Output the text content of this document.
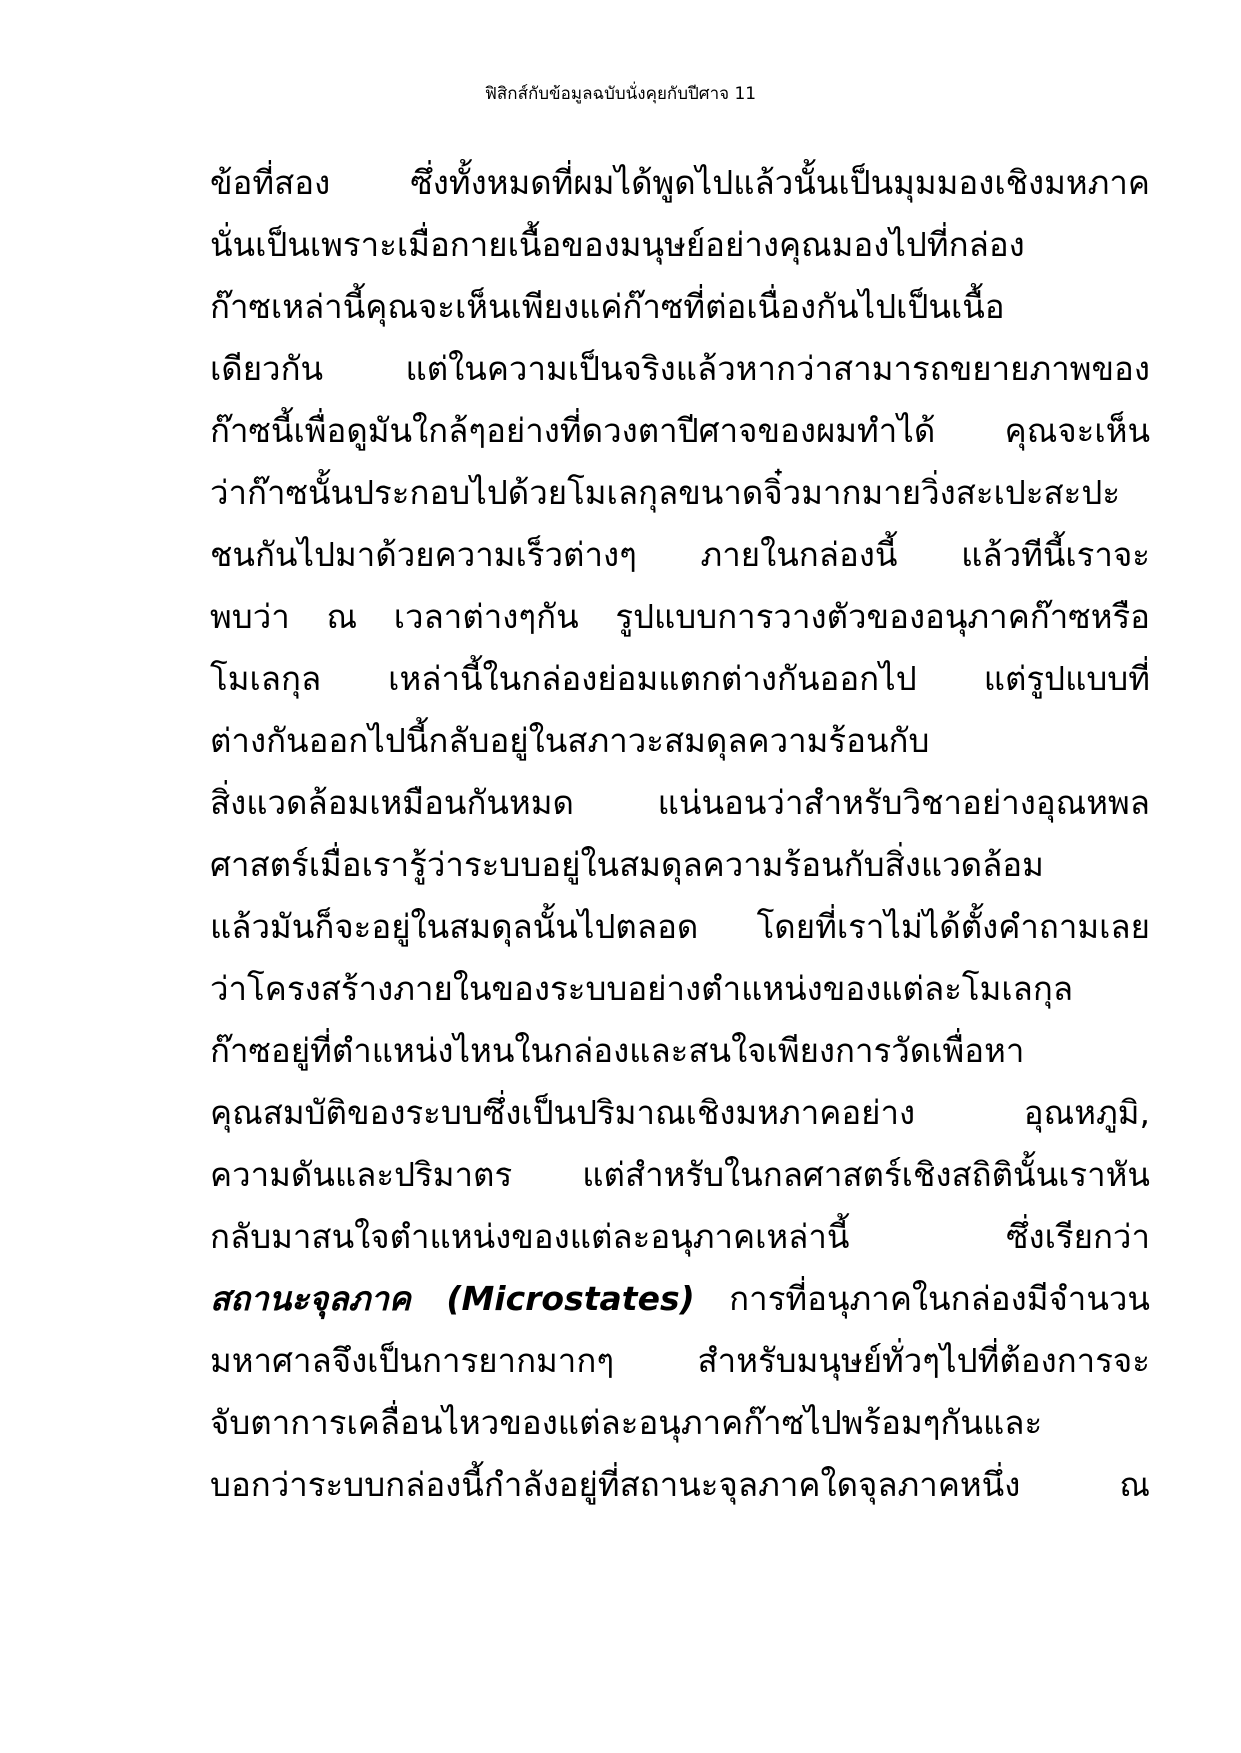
ฟิสิกส์กับข้อมูลฉบับนั่งคุยกับปีศาจ 11
ข้อที่สอง ซึ่งทั้งหมดที่ผมได้พูดไปแล้วนั้นเป็นมุมมองเชิงมหภาค
นั่นเป็นเพราะเมื่อกายเนื้อของมนุษย์อย่างคุณมองไปที่กล่อง
ก๊าซเหล่านี้คุณจะเห็นเพียงแค่ก๊าซที่ต่อเนื่องกันไปเป็นเนื้อ
เดียวกัน แต่ในความเป็นจริงแล้วหากว่าสามารถขยายภาพของ
ก๊าซนี้เพื่อดูมันใกล้ๆอย่างที่ดวงตาปีศาจของผมทำได้ คุณจะเห็น
ว่าก๊าซนั้นประกอบไปด้วยโมเลกุลขนาดจิ๋วมากมายวิ่งสะเปะสะปะ
ชนกันไปมาด้วยความเร็วต่างๆ ภายในกล่องนี้ แล้วทีนี้เราจะ
พบว่า ณ เวลาต่างๆกัน รูปแบบการวางตัวของอนุภาคก๊าซหรือ
โมเลกุล เหล่านี้ในกล่องย่อมแตกต่างกันออกไป แต่รูปแบบที่
ต่างกันออกไปนี้กลับอยู่ในสภาวะสมดุลความร้อนกับ
สิ่งแวดล้อมเหมือนกันหมด แน่นอนว่าสำหรับวิชาอย่างอุณหพล
ศาสตร์เมื่อเรารู้ว่าระบบอยู่ในสมดุลความร้อนกับสิ่งแวดล้อม
แล้วมันก็จะอยู่ในสมดุลนั้นไปตลอด โดยที่เราไม่ได้ตั้งคำถามเลย
ว่าโครงสร้างภายในของระบบอย่างตำแหน่งของแต่ละโมเลกุล
ก๊าซอยู่ที่ตำแหน่งไหนในกล่องและสนใจเพียงการวัดเพื่อหา
คุณสมบัติของระบบซึ่งเป็นปริมาณเชิงมหภาคอย่าง อุณหภูมิ,
ความดันและปริมาตร แต่สำหรับในกลศาสตร์เชิงสถิตินั้นเราหัน
กลับมาสนใจตำแหน่งของแต่ละอนุภาคเหล่านี้ ซึ่งเรียกว่า
สถานะจุลภาค (Microstates) การที่อนุภาคในกล่องมีจำนวน
มหาศาลจึงเป็นการยากมากๆ สำหรับมนุษย์ทั่วๆไปที่ต้องการจะ
จับตาการเคลื่อนไหวของแต่ละอนุภาคก๊าซไปพร้อมๆกันและ
บอกว่าระบบกล่องนี้กำลังอยู่ที่สถานะจุลภาคใดจุลภาคหนึ่ง ณ
